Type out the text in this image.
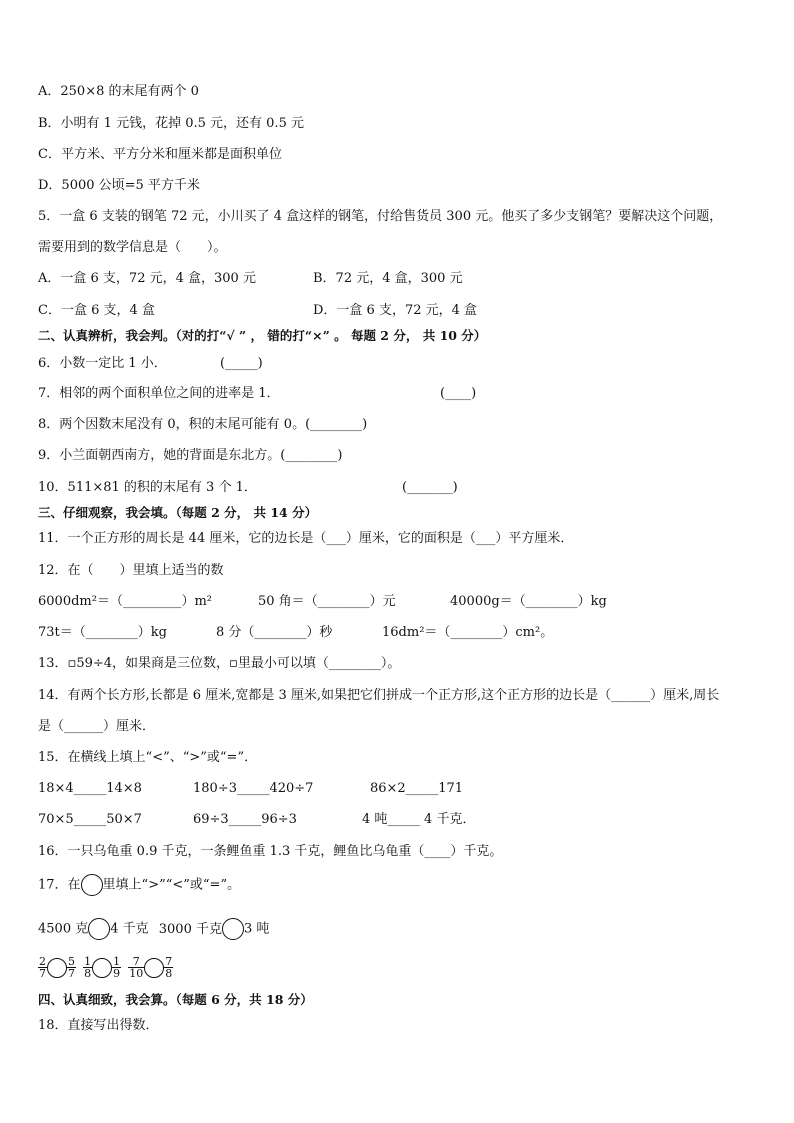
A．250×8 的末尾有两个 0
B．小明有 1 元钱，花掉 0.5 元，还有 0.5 元
C．平方米、平方分米和厘米都是面积单位
D．5000 公顷=5 平方千米
5．一盒 6 支装的钢笔 72 元，小川买了 4 盒这样的钢笔，付给售货员 300 元。他买了多少支钢笔？要解决这个问题，
需要用到的数学信息是（　　）。
A．一盒 6 支，72 元，4 盒，300 元	B．72 元，4 盒，300 元
C．一盒 6 支，4 盒	D．一盒 6 支，72 元，4 盒
二、认真辨析，我会判。（对的打“√ ” ， 错的打“×” 。 每题 2 分， 共 10 分）
6．小数一定比 1 小．	(_____)
7．相邻的两个面积单位之间的进率是 1．	(____)
8．两个因数末尾没有 0，积的末尾可能有 0。(________)
9．小兰面朝西南方，她的背面是东北方。(________)
10．511×81 的积的末尾有 3 个 1．	(_______)
三、仔细观察，我会填。（每题 2 分， 共 14 分）
11．一个正方形的周长是 44 厘米，它的边长是（___）厘米，它的面积是（___）平方厘米．
12．在（　　）里填上适当的数
6000dm²＝（_________）m²	50 角＝（________）元	40000g＝（________）kg
73t＝（________）kg	8 分（________）秒	16dm²＝（________）cm²。
13．▫59÷4，如果商是三位数，▫里最小可以填（________）。
14．有两个长方形,长都是 6 厘米,宽都是 3 厘米,如果把它们拼成一个正方形,这个正方形的边长是（______）厘米,周长
是（______）厘米．
15．在横线上填上“<”、“>”或“=”．
18×4_____14×8	180÷3_____420÷7	86×2_____171
70×5_____50×7	69÷3_____96÷3	4 吨_____ 4 千克．
16．一只乌龟重 0.9 千克，一条鲤鱼重 1.3 千克，鲤鱼比乌龟重（____）千克。
17．在 里填上“>”“<”或“=”。
4500 克 4 千克 3000 千克 3 吨
$\frac{2}{7} \frac{5}{7}$
$\frac{1}{8} \frac{1}{9}$
$\frac{7}{10} \frac{7}{8}$
四、认真细致，我会算。（每题 6 分，共 18 分）
18．直接写出得数．
